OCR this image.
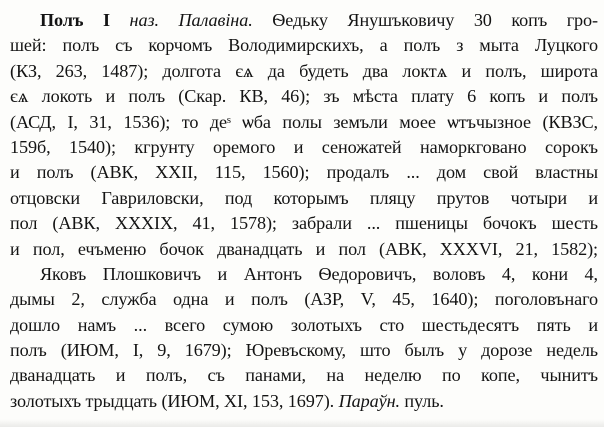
Полъ I наз. Палавіна. Ѳедьку Янушъковичу 30 копъ гро-
шей: полъ съ корчомъ Володимирскихъ, а полъ з мыта Луцкого
(КЗ, 263, 1487); долгота єѧ да будеть два локтѧ и полъ, широта
єѧ локоть и полъ (Скар. КВ, 46); зъ мѣста плату 6 копъ и полъ
(АСД, I, 31, 1536); то деˢ ѡба полы земъли моее ѡтъчызное (КВЗС,
159б, 1540); кгрунту оремого и сеножатей наморкговано сорокъ
и полъ (АВК, XXII, 115, 1560); продалъ ... дом свой властны
отцовски Гавриловски, под которымъ пляцу прутов чотыри и
пол (АВК, XXXIX, 41, 1578); забрали ... пшеницы бочокъ шесть
и пол, ечъменю бочок дванадцать и пол (АВК, XXXVI, 21, 1582);
Яковъ Плошковичъ и Антонъ Ѳедоровичъ, воловъ 4, кони 4,
дымы 2, служба одна и полъ (АЗР, V, 45, 1640); поголовънаго
дошло намъ ... всего сумою золотыхъ сто шестьдесятъ пять и
полъ (ИЮМ, I, 9, 1679); Юревъскому, што былъ у дорозе недель
дванадцать и полъ, съ панами, на неделю по копе, чынитъ
золотыхъ трыдцать (ИЮМ, XI, 153, 1697). Параўн. пуль.
